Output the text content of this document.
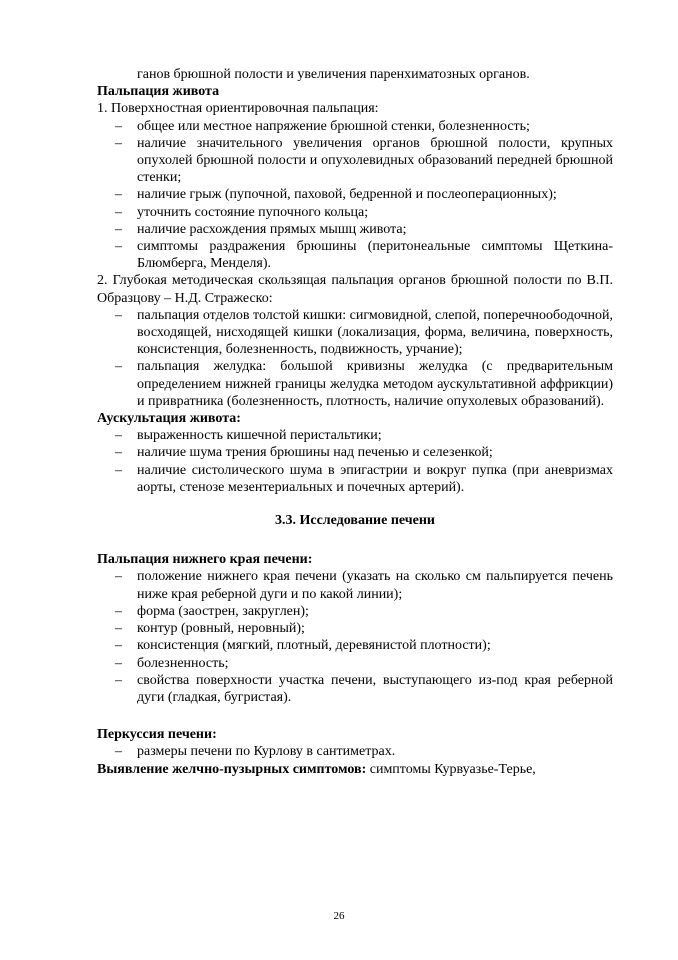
ганов брюшной полости и увеличения паренхиматозных органов.

Пальпация живота

1. Поверхностная ориентировочная пальпация:

– общее или местное напряжение брюшной стенки, болезненность;
– наличие значительного увеличения органов брюшной полости, крупных опухолей брюшной полости и опухолевидных образований передней брюшной стенки;
– наличие грыж (пупочной, паховой, бедренной и послеоперационных);
– уточнить состояние пупочного кольца;
– наличие расхождения прямых мышц живота;
– симптомы раздражения брюшины (перитонеальные симптомы Щеткина-Блюмберга, Менделя).

2. Глубокая методическая скользящая пальпация органов брюшной полости по В.П. Образцову – Н.Д. Стражеско:

– пальпация отделов толстой кишки: сигмовидной, слепой, поперечноободочной, восходящей, нисходящей кишки (локализация, форма, величина, поверхность, консистенция, болезненность, подвижность, урчание);
– пальпация желудка: большой кривизны желудка (с предварительным определением нижней границы желудка методом аускультативной аффрикции) и привратника (болезненность, плотность, наличие опухолевых образований).

Аускультация живота:

– выраженность кишечной перистальтики;
– наличие шума трения брюшины над печенью и селезенкой;
– наличие систолического шума в эпигастрии и вокруг пупка (при аневризмах аорты, стенозе мезентериальных и почечных артерий).

3.3. Исследование печени

Пальпация нижнего края печени:

– положение нижнего края печени (указать на сколько см пальпируется печень ниже края реберной дуги и по какой линии);
– форма (заострен, закруглен);
– контур (ровный, неровный);
– консистенция (мягкий, плотный, деревянистой плотности);
– болезненность;
– свойства поверхности участка печени, выступающего из-под края реберной дуги (гладкая, бугристая).

Перкуссия печени:

– размеры печени по Курлову в сантиметрах.

Выявление желчно-пузырных симптомов: симптомы Курвуазье-Терье,

26
